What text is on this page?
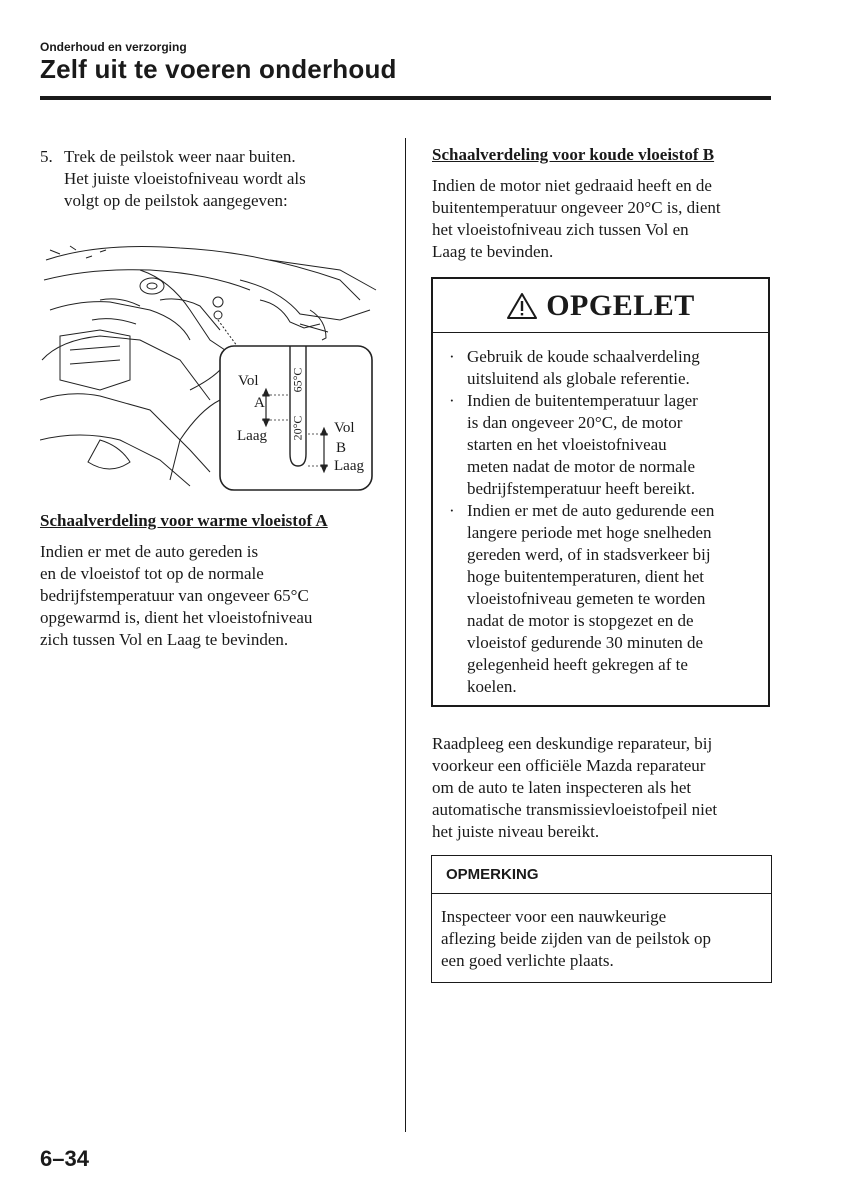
Onderhoud en verzorging
Zelf uit te voeren onderhoud
5. Trek de peilstok weer naar buiten.
Het juiste vloeistofniveau wordt als
volgt op de peilstok aangegeven:
Vol
A
Laag
65°C
20°C Vol
B
Laag
Schaalverdeling voor warme vloeistof A
Indien er met de auto gereden is
en de vloeistof tot op de normale
bedrijfstemperatuur van ongeveer 65°C
opgewarmd is, dient het vloeistofniveau
zich tussen Vol en Laag te bevinden.
Schaalverdeling voor koude vloeistof B
Indien de motor niet gedraaid heeft en de
buitentemperatuur ongeveer 20°C is, dient
het vloeistofniveau zich tussen Vol en
Laag te bevinden.
OPGELET
· Gebruik de koude schaalverdeling
uitsluitend als globale referentie.
· Indien de buitentemperatuur lager
is dan ongeveer 20°C, de motor
starten en het vloeistofniveau
meten nadat de motor de normale
bedrijfstemperatuur heeft bereikt.
· Indien er met de auto gedurende een
langere periode met hoge snelheden
gereden werd, of in stadsverkeer bij
hoge buitentemperaturen, dient het
vloeistofniveau gemeten te worden
nadat de motor is stopgezet en de
vloeistof gedurende 30 minuten de
gelegenheid heeft gekregen af te
koelen.
Raadpleeg een deskundige reparateur, bij
voorkeur een officiële Mazda reparateur
om de auto te laten inspecteren als het
automatische transmissievloeistofpeil niet
het juiste niveau bereikt.
OPMERKING
Inspecteer voor een nauwkeurige
aflezing beide zijden van de peilstok op
een goed verlichte plaats.
6–34
